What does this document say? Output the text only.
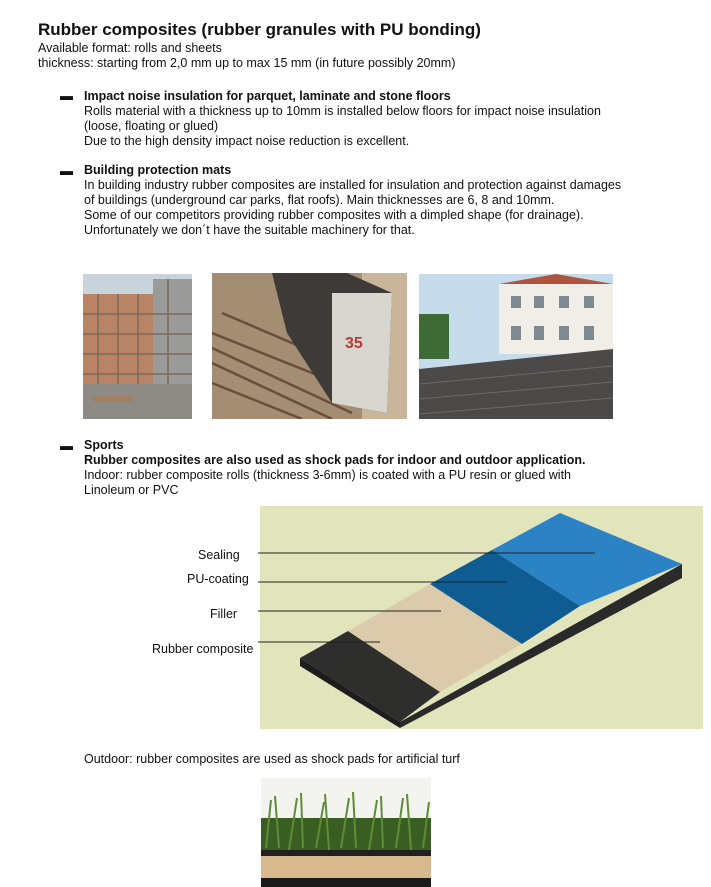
Rubber composites (rubber granules with PU bonding)
Available format: rolls and sheets
thickness: starting from 2,0 mm up to max 15 mm (in future possibly 20mm)
▬ Impact noise insulation for parquet, laminate and stone floors
Rolls material with a thickness up to 10mm is installed below floors for impact noise insulation
(loose, floating or glued)
Due to the high density impact noise reduction is excellent.
▬ Building protection mats
In building industry rubber composites are installed for insulation and protection against damages
of buildings (underground car parks, flat roofs). Main thicknesses are 6, 8 and 10mm.
Some of our competitors providing rubber composites with a dimpled shape (for drainage).
Unfortunately we don´t have the suitable machinery for that.
35
▬ Sports
Rubber composites are also used as shock pads for indoor and outdoor application.
Indoor: rubber composite rolls (thickness 3-6mm) is coated with a PU resin or glued with
Linoleum or PVC
Sealing
PU-coating
Filler
Rubber composite
Outdoor: rubber composites are used as shock pads for artificial turf
